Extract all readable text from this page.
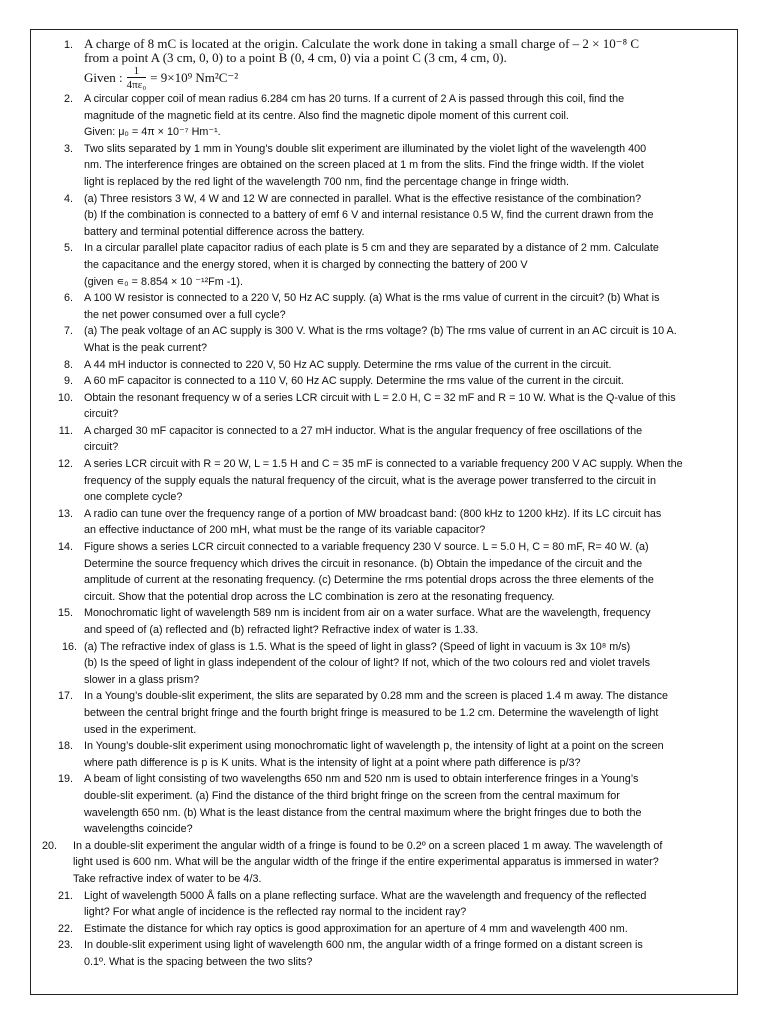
1. A charge of 8 mC is located at the origin. Calculate the work done in taking a small charge of – 2 × 10⁻⁸ C
from a point A (3 cm, 0, 0) to a point B (0, 4 cm, 0) via a point C (3 cm, 4 cm, 0).
Given : $\frac{1}{\text{4πε₀}} = 9\times 10^9$ Nm²C⁻²
2. A circular copper coil of mean radius 6.284 cm has 20 turns. If a current of 2 A is passed through this coil, find the
magnitude of the magnetic field at its centre. Also find the magnetic dipole moment of this current coil.
Given: μ₀ = 4π × 10⁻⁷ Hm⁻¹.
3. Two slits separated by 1 mm in Young’s double slit experiment are illuminated by the violet light of the wavelength 400
nm. The interference fringes are obtained on the screen placed at 1 m from the slits. Find the fringe width. If the violet
light is replaced by the red light of the wavelength 700 nm, find the percentage change in fringe width.
4. (a) Three resistors 3 W, 4 W and 12 W are connected in parallel. What is the effective resistance of the combination?
(b) If the combination is connected to a battery of emf 6 V and internal resistance 0.5 W, find the current drawn from the
battery and terminal potential difference across the battery.
5. In a circular parallel plate capacitor radius of each plate is 5 cm and they are separated by a distance of 2 mm. Calculate
the capacitance and the energy stored, when it is charged by connecting the battery of 200 V
(given ∊₀ = 8.854 × 10 ⁻¹²Fm -1).
6. A 100 W resistor is connected to a 220 V, 50 Hz AC supply. (a) What is the rms value of current in the circuit? (b) What is
the net power consumed over a full cycle?
7. (a) The peak voltage of an AC supply is 300 V. What is the rms voltage? (b) The rms value of current in an AC circuit is 10 A.
What is the peak current?
8. A 44 mH inductor is connected to 220 V, 50 Hz AC supply. Determine the rms value of the current in the circuit.
9. A 60 mF capacitor is connected to a 110 V, 60 Hz AC supply. Determine the rms value of the current in the circuit.
10. Obtain the resonant frequency w of a series LCR circuit with L = 2.0 H, C = 32 mF and R = 10 W. What is the Q-value of this
circuit?
11. A charged 30 mF capacitor is connected to a 27 mH inductor. What is the angular frequency of free oscillations of the
circuit?
12. A series LCR circuit with R = 20 W, L = 1.5 H and C = 35 mF is connected to a variable frequency 200 V AC supply. When the
frequency of the supply equals the natural frequency of the circuit, what is the average power transferred to the circuit in
one complete cycle?
13. A radio can tune over the frequency range of a portion of MW broadcast band: (800 kHz to 1200 kHz). If its LC circuit has
an effective inductance of 200 mH, what must be the range of its variable capacitor?
14. Figure shows a series LCR circuit connected to a variable frequency 230 V source. L = 5.0 H, C = 80 mF, R= 40 W. (a)
Determine the source frequency which drives the circuit in resonance. (b) Obtain the impedance of the circuit and the
amplitude of current at the resonating frequency. (c) Determine the rms potential drops across the three elements of the
circuit. Show that the potential drop across the LC combination is zero at the resonating frequency.
15. Monochromatic light of wavelength 589 nm is incident from air on a water surface. What are the wavelength, frequency
and speed of (a) reflected and (b) refracted light? Refractive index of water is 1.33.
16. (a) The refractive index of glass is 1.5. What is the speed of light in glass? (Speed of light in vacuum is 3x 10⁸ m/s)
(b) Is the speed of light in glass independent of the colour of light? If not, which of the two colours red and violet travels
slower in a glass prism?
17. In a Young’s double-slit experiment, the slits are separated by 0.28 mm and the screen is placed 1.4 m away. The distance
between the central bright fringe and the fourth bright fringe is measured to be 1.2 cm. Determine the wavelength of light
used in the experiment.
18. In Young’s double-slit experiment using monochromatic light of wavelength p, the intensity of light at a point on the screen
where path difference is p is K units. What is the intensity of light at a point where path difference is p/3?
19. A beam of light consisting of two wavelengths 650 nm and 520 nm is used to obtain interference fringes in a Young’s
double-slit experiment. (a) Find the distance of the third bright fringe on the screen from the central maximum for
wavelength 650 nm. (b) What is the least distance from the central maximum where the bright fringes due to both the
wavelengths coincide?
20. In a double-slit experiment the angular width of a fringe is found to be 0.2º on a screen placed 1 m away. The wavelength of
light used is 600 nm. What will be the angular width of the fringe if the entire experimental apparatus is immersed in water?
Take refractive index of water to be 4/3.
21. Light of wavelength 5000 Å falls on a plane reflecting surface. What are the wavelength and frequency of the reflected
light? For what angle of incidence is the reflected ray normal to the incident ray?
22. Estimate the distance for which ray optics is good approximation for an aperture of 4 mm and wavelength 400 nm.
23. In double-slit experiment using light of wavelength 600 nm, the angular width of a fringe formed on a distant screen is
0.1º. What is the spacing between the two slits?
